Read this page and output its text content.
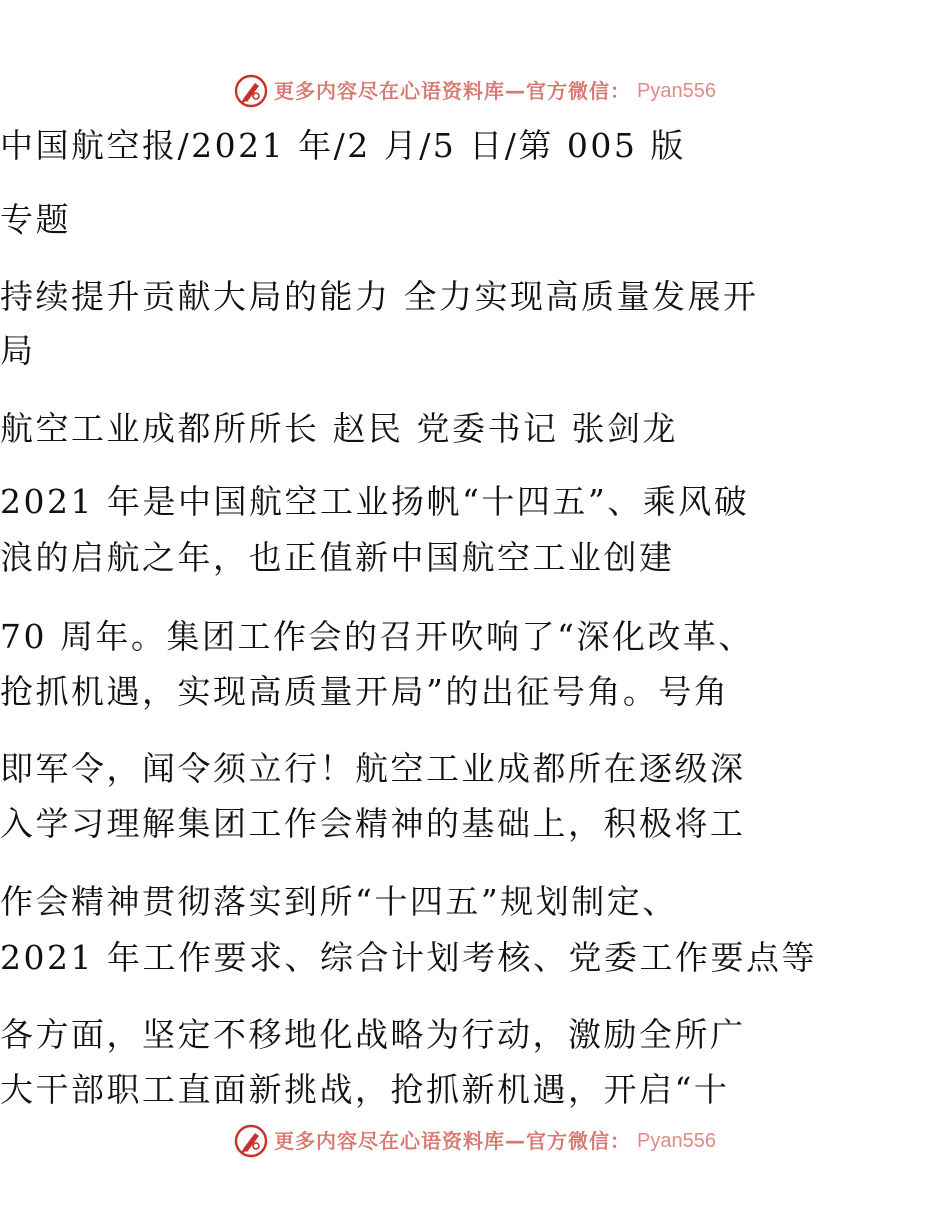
更多内容尽在心语资料库—官方微信： Pyan556

中国航空报/2021 年/2 月/5 日/第 005 版

专题

持续提升贡献大局的能力 全力实现高质量发展开

局

航空工业成都所所长 赵民 党委书记 张剑龙

2021 年是中国航空工业扬帆“十四五”、乘风破

浪的启航之年，也正值新中国航空工业创建

70 周年。集团工作会的召开吹响了“深化改革、

抢抓机遇，实现高质量开局”的出征号角。号角

即军令，闻令须立行！航空工业成都所在逐级深

入学习理解集团工作会精神的基础上，积极将工

作会精神贯彻落实到所“十四五”规划制定、

2021 年工作要求、综合计划考核、党委工作要点等

各方面，坚定不移地化战略为行动，激励全所广

大干部职工直面新挑战，抢抓新机遇，开启“十

更多内容尽在心语资料库—官方微信： Pyan556
